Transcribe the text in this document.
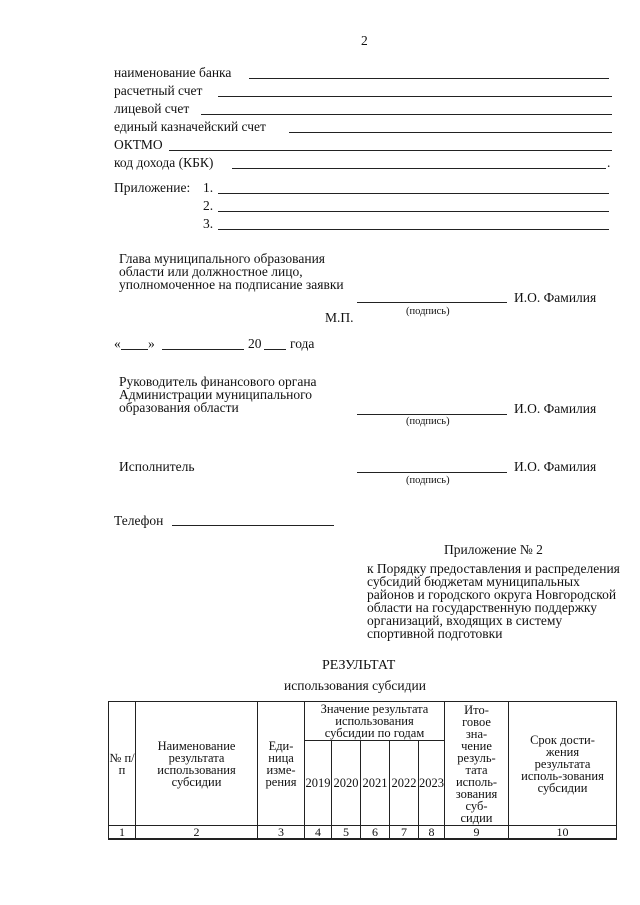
2
наименование банка
расчетный счет
лицевой счет
единый казначейский счет
ОКТМО
код дохода (КБК)	.
Приложение: 1.
2.
3.
Глава муниципального образования области или должностное лицо, уполномоченное на подписание заявки
И.О. Фамилия
(подпись)
М.П.
« »	20 года
Руководитель финансового органа Администрации муниципального образования области	И.О. Фамилия
(подпись)
Исполнитель	И.О. Фамилия
(подпись)
Телефон
Приложение № 2
к Порядку предоставления и распределения субсидий бюджетам муниципальных районов и городского округа Новгородской области на государственную поддержку организаций, входящих в систему спортивной подготовки
РЕЗУЛЬТАТ
использования субсидии
№ п/п	Наименование результата использования субсидии	Еди-ница изме-рения	Значение результата использования субсидии по годам					Ито-говое зна-чение резуль-тата исполь-зования суб-сидии	Срок дости-жения результата исполь-зования субсидии
			2019	2020	2021	2022	2023		
1	2	3	4	5	6	7	8	9	10
